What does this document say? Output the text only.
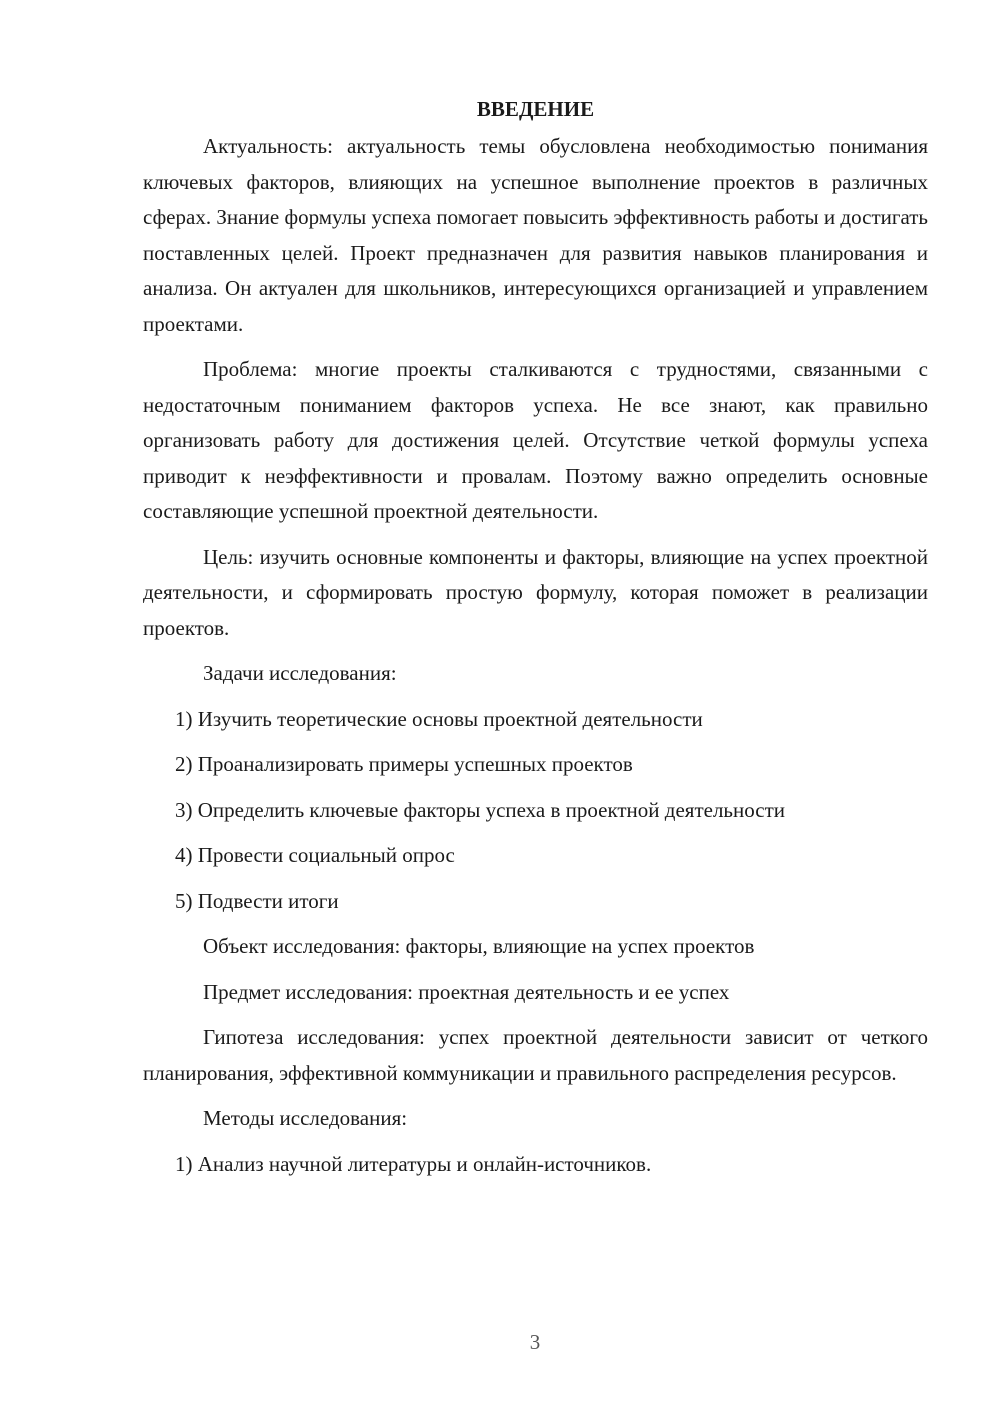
ВВЕДЕНИЕ

Актуальность: актуальность темы обусловлена необходимостью понимания ключевых факторов, влияющих на успешное выполнение проектов в различных сферах. Знание формулы успеха помогает повысить эффективность работы и достигать поставленных целей. Проект предназначен для развития навыков планирования и анализа. Он актуален для школьников, интересующихся организацией и управлением проектами.

Проблема: многие проекты сталкиваются с трудностями, связанными с недостаточным пониманием факторов успеха. Не все знают, как правильно организовать работу для достижения целей. Отсутствие четкой формулы успеха приводит к неэффективности и провалам. Поэтому важно определить основные составляющие успешной проектной деятельности.

Цель: изучить основные компоненты и факторы, влияющие на успех проектной деятельности, и сформировать простую формулу, которая поможет в реализации проектов.

Задачи исследования:

1) Изучить теоретические основы проектной деятельности

2) Проанализировать примеры успешных проектов

3) Определить ключевые факторы успеха в проектной деятельности

4) Провести социальный опрос

5) Подвести итоги

Объект исследования: факторы, влияющие на успех проектов

Предмет исследования: проектная деятельность и ее успех

Гипотеза исследования: успех проектной деятельности зависит от четкого планирования, эффективной коммуникации и правильного распределения ресурсов.

Методы исследования:

1) Анализ научной литературы и онлайн-источников.

3
